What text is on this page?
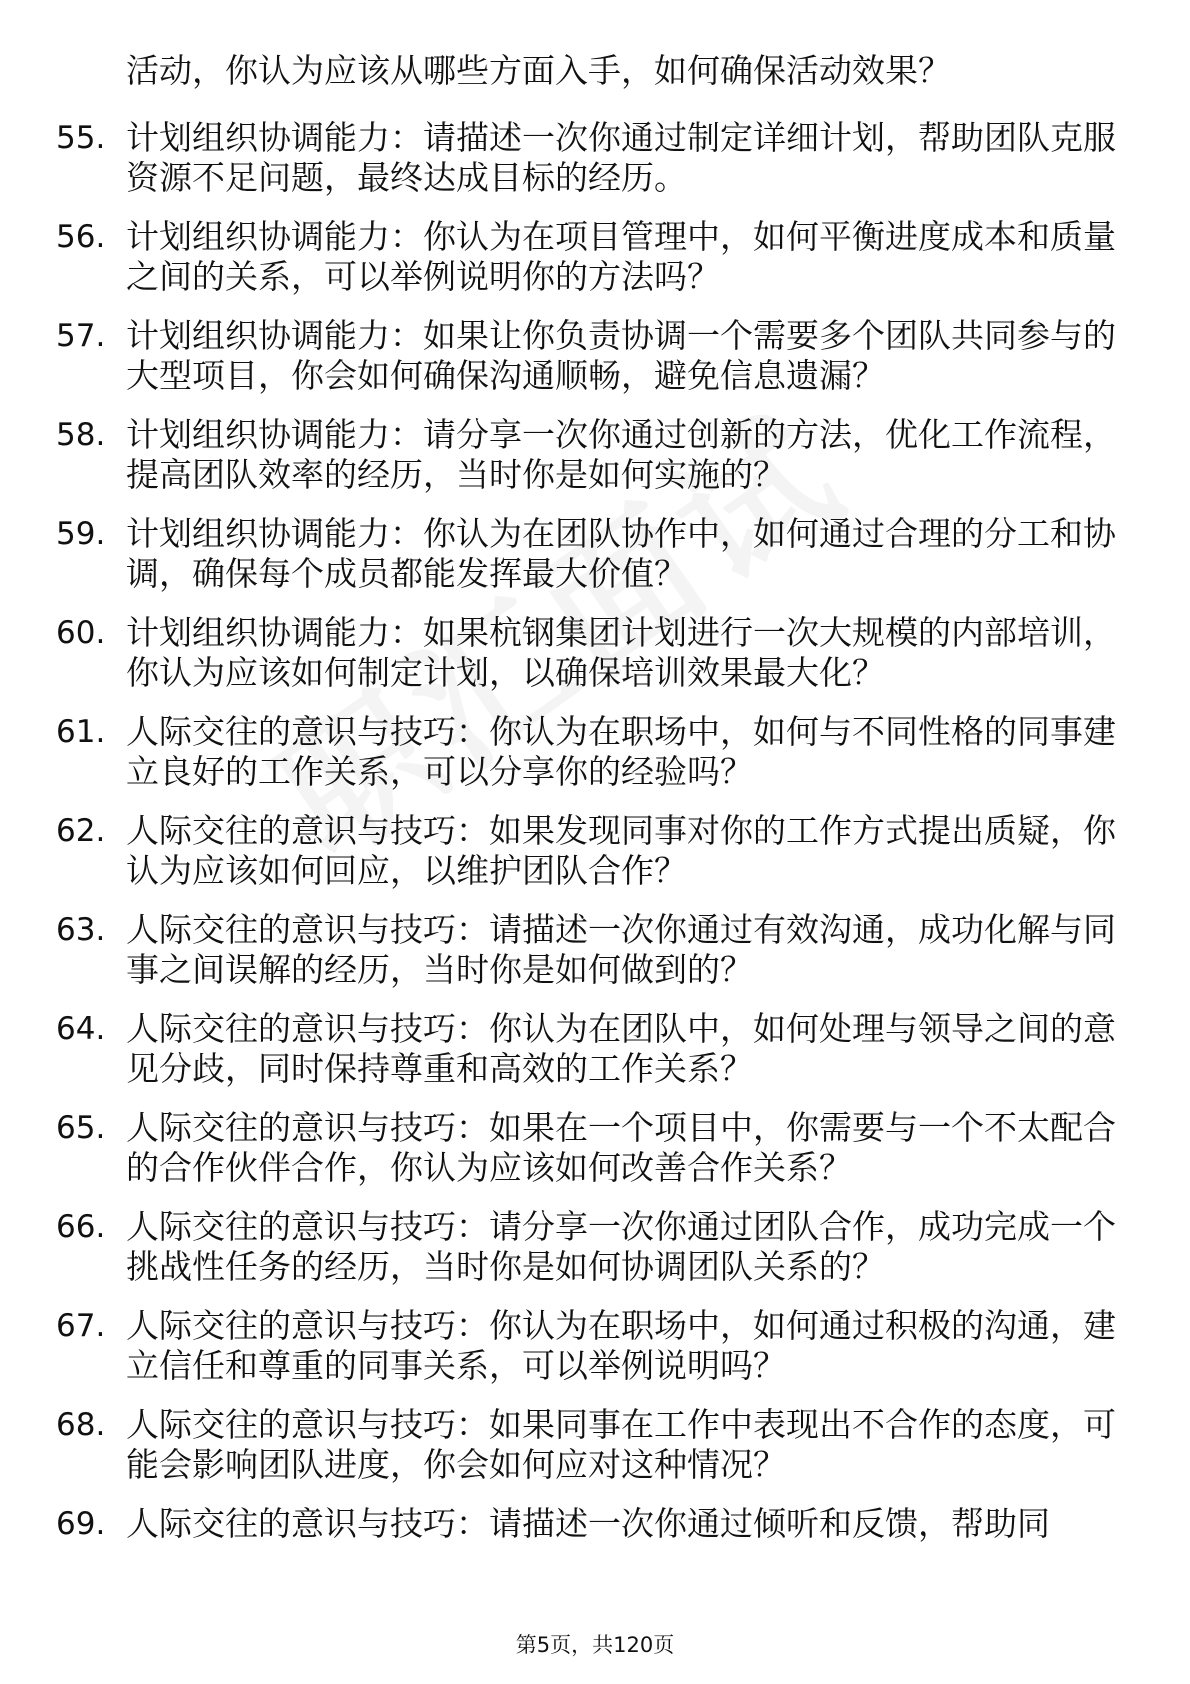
活动，你认为应该从哪些方面入手，如何确保活动效果？

55. 计划组织协调能力：请描述一次你通过制定详细计划，帮助团队克服资源不足问题，最终达成目标的经历。
56. 计划组织协调能力：你认为在项目管理中，如何平衡进度成本和质量之间的关系，可以举例说明你的方法吗？
57. 计划组织协调能力：如果让你负责协调一个需要多个团队共同参与的大型项目，你会如何确保沟通顺畅，避免信息遗漏？
58. 计划组织协调能力：请分享一次你通过创新的方法，优化工作流程，提高团队效率的经历，当时你是如何实施的？
59. 计划组织协调能力：你认为在团队协作中，如何通过合理的分工和协调，确保每个成员都能发挥最大价值？
60. 计划组织协调能力：如果杭钢集团计划进行一次大规模的内部培训，你认为应该如何制定计划，以确保培训效果最大化？
61. 人际交往的意识与技巧：你认为在职场中，如何与不同性格的同事建立良好的工作关系，可以分享你的经验吗？
62. 人际交往的意识与技巧：如果发现同事对你的工作方式提出质疑，你认为应该如何回应，以维护团队合作？
63. 人际交往的意识与技巧：请描述一次你通过有效沟通，成功化解与同事之间误解的经历，当时你是如何做到的？
64. 人际交往的意识与技巧：你认为在团队中，如何处理与领导之间的意见分歧，同时保持尊重和高效的工作关系？
65. 人际交往的意识与技巧：如果在一个项目中，你需要与一个不太配合的合作伙伴合作，你认为应该如何改善合作关系？
66. 人际交往的意识与技巧：请分享一次你通过团队合作，成功完成一个挑战性任务的经历，当时你是如何协调团队关系的？
67. 人际交往的意识与技巧：你认为在职场中，如何通过积极的沟通，建立信任和尊重的同事关系，可以举例说明吗？
68. 人际交往的意识与技巧：如果同事在工作中表现出不合作的态度，可能会影响团队进度，你会如何应对这种情况？
69. 人际交往的意识与技巧：请描述一次你通过倾听和反馈，帮助同
第5页，共120页
